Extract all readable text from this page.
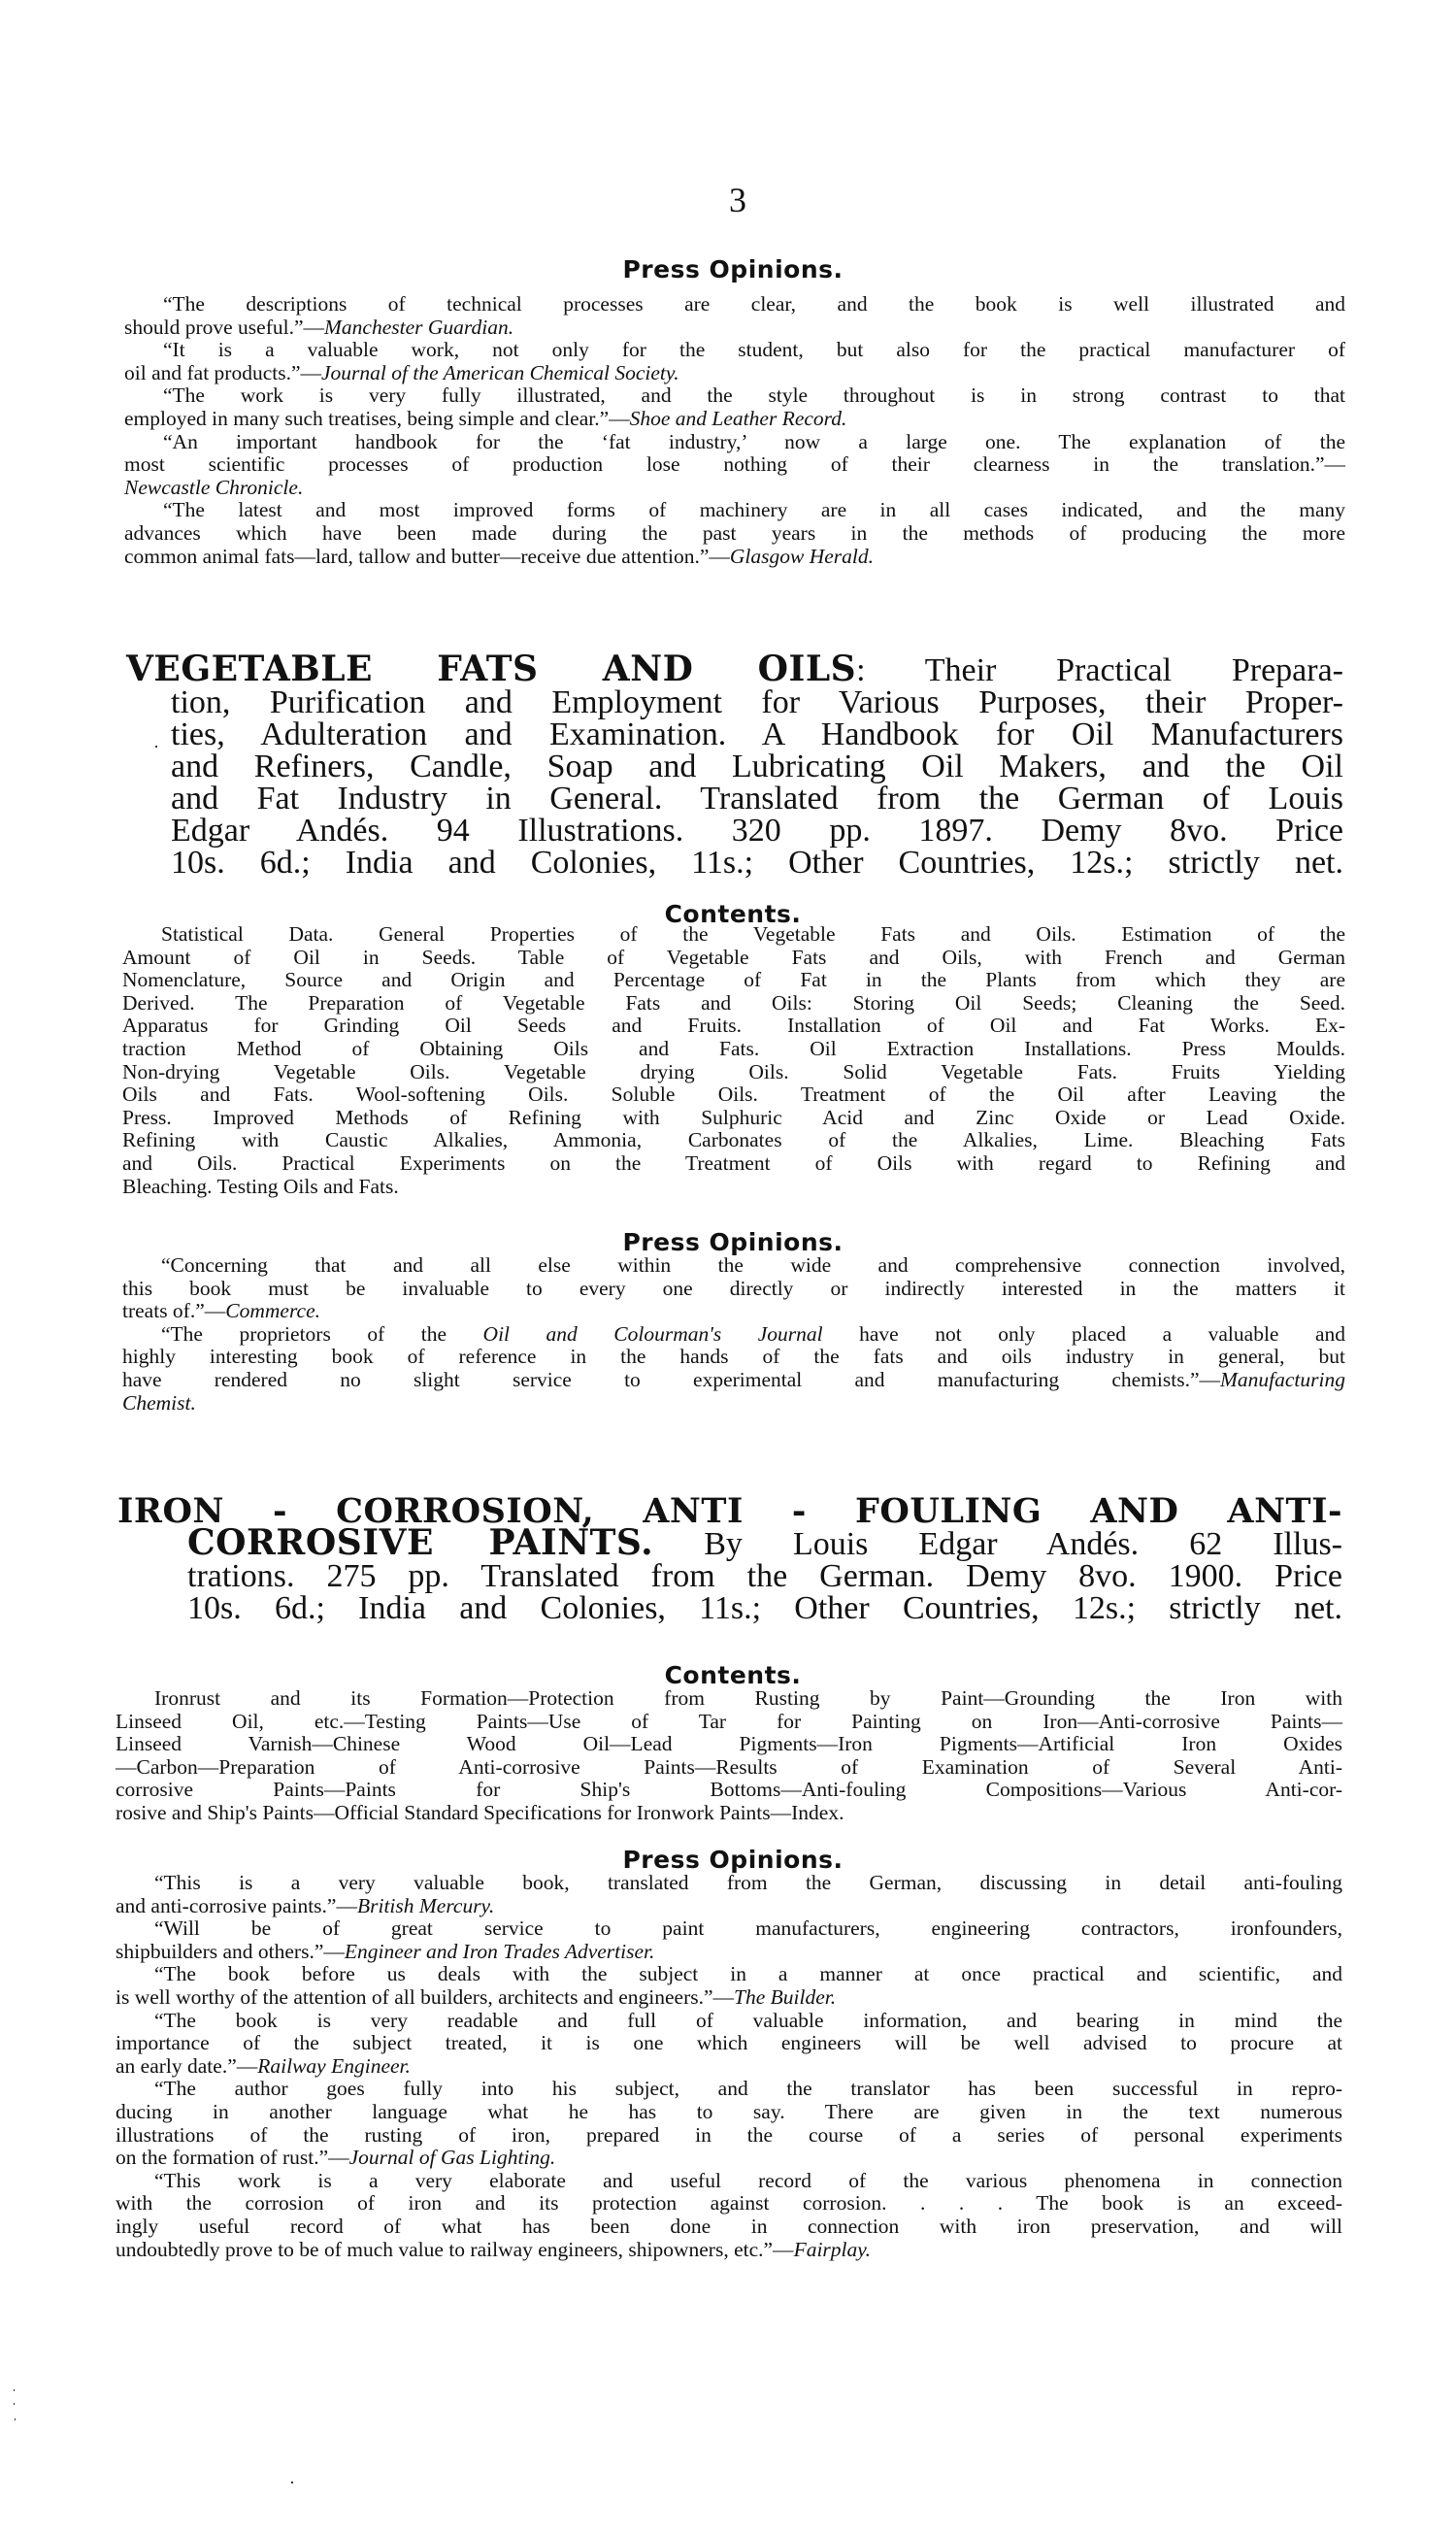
3
Press Opinions.
“The descriptions of technical processes are clear, and the book is well illustrated and
should prove useful.”—Manchester Guardian.
“It is a valuable work, not only for the student, but also for the practical manufacturer of
oil and fat products.”—Journal of the American Chemical Society.
“The work is very fully illustrated, and the style throughout is in strong contrast to that
employed in many such treatises, being simple and clear.”—Shoe and Leather Record.
“An important handbook for the ‘fat industry,’ now a large one. The explanation of the
most scientific processes of production lose nothing of their clearness in the translation.”—
Newcastle Chronicle.
“The latest and most improved forms of machinery are in all cases indicated, and the many
advances which have been made during the past years in the methods of producing the more
common animal fats—lard, tallow and butter—receive due attention.”—Glasgow Herald.
VEGETABLE FATS AND OILS: Their Practical Prepara-
tion, Purification and Employment for Various Purposes, their Proper-
ties, Adulteration and Examination. A Handbook for Oil Manufacturers
and Refiners, Candle, Soap and Lubricating Oil Makers, and the Oil
and Fat Industry in General. Translated from the German of Louis
Edgar Andés. 94 Illustrations. 320 pp. 1897. Demy 8vo. Price
10s. 6d.; India and Colonies, 11s.; Other Countries, 12s.; strictly net.
Contents.
Statistical Data. General Properties of the Vegetable Fats and Oils. Estimation of the
Amount of Oil in Seeds. Table of Vegetable Fats and Oils, with French and German
Nomenclature, Source and Origin and Percentage of Fat in the Plants from which they are
Derived. The Preparation of Vegetable Fats and Oils: Storing Oil Seeds; Cleaning the Seed.
Apparatus for Grinding Oil Seeds and Fruits. Installation of Oil and Fat Works. Ex-
traction Method of Obtaining Oils and Fats. Oil Extraction Installations. Press Moulds.
Non-drying Vegetable Oils. Vegetable drying Oils. Solid Vegetable Fats. Fruits Yielding
Oils and Fats. Wool-softening Oils. Soluble Oils. Treatment of the Oil after Leaving the
Press. Improved Methods of Refining with Sulphuric Acid and Zinc Oxide or Lead Oxide.
Refining with Caustic Alkalies, Ammonia, Carbonates of the Alkalies, Lime. Bleaching Fats
and Oils. Practical Experiments on the Treatment of Oils with regard to Refining and
Bleaching. Testing Oils and Fats.
Press Opinions.
“Concerning that and all else within the wide and comprehensive connection involved,
this book must be invaluable to every one directly or indirectly interested in the matters it
treats of.”—Commerce.
“The proprietors of the Oil and Colourman's Journal have not only placed a valuable and
highly interesting book of reference in the hands of the fats and oils industry in general, but
have rendered no slight service to experimental and manufacturing chemists.”—Manufacturing
Chemist.
IRON - CORROSION, ANTI - FOULING AND ANTI-
CORROSIVE PAINTS. By Louis Edgar Andés. 62 Illus-
trations. 275 pp. Translated from the German. Demy 8vo. 1900. Price
10s. 6d.; India and Colonies, 11s.; Other Countries, 12s.; strictly net.
Contents.
Ironrust and its Formation—Protection from Rusting by Paint—Grounding the Iron with
Linseed Oil, etc.—Testing Paints—Use of Tar for Painting on Iron—Anti-corrosive Paints—
Linseed Varnish—Chinese Wood Oil—Lead Pigments—Iron Pigments—Artificial Iron Oxides
—Carbon—Preparation of Anti-corrosive Paints—Results of Examination of Several Anti-
corrosive Paints—Paints for Ship's Bottoms—Anti-fouling Compositions—Various Anti-cor-
rosive and Ship's Paints—Official Standard Specifications for Ironwork Paints—Index.
Press Opinions.
“This is a very valuable book, translated from the German, discussing in detail anti-fouling
and anti-corrosive paints.”—British Mercury.
“Will be of great service to paint manufacturers, engineering contractors, ironfounders,
shipbuilders and others.”—Engineer and Iron Trades Advertiser.
“The book before us deals with the subject in a manner at once practical and scientific, and
is well worthy of the attention of all builders, architects and engineers.”—The Builder.
“The book is very readable and full of valuable information, and bearing in mind the
importance of the subject treated, it is one which engineers will be well advised to procure at
an early date.”—Railway Engineer.
“The author goes fully into his subject, and the translator has been successful in repro-
ducing in another language what he has to say. There are given in the text numerous
illustrations of the rusting of iron, prepared in the course of a series of personal experiments
on the formation of rust.”—Journal of Gas Lighting.
“This work is a very elaborate and useful record of the various phenomena in connection
with the corrosion of iron and its protection against corrosion. . . . The book is an exceed-
ingly useful record of what has been done in connection with iron preservation, and will
undoubtedly prove to be of much value to railway engineers, shipowners, etc.”—Fairplay.
